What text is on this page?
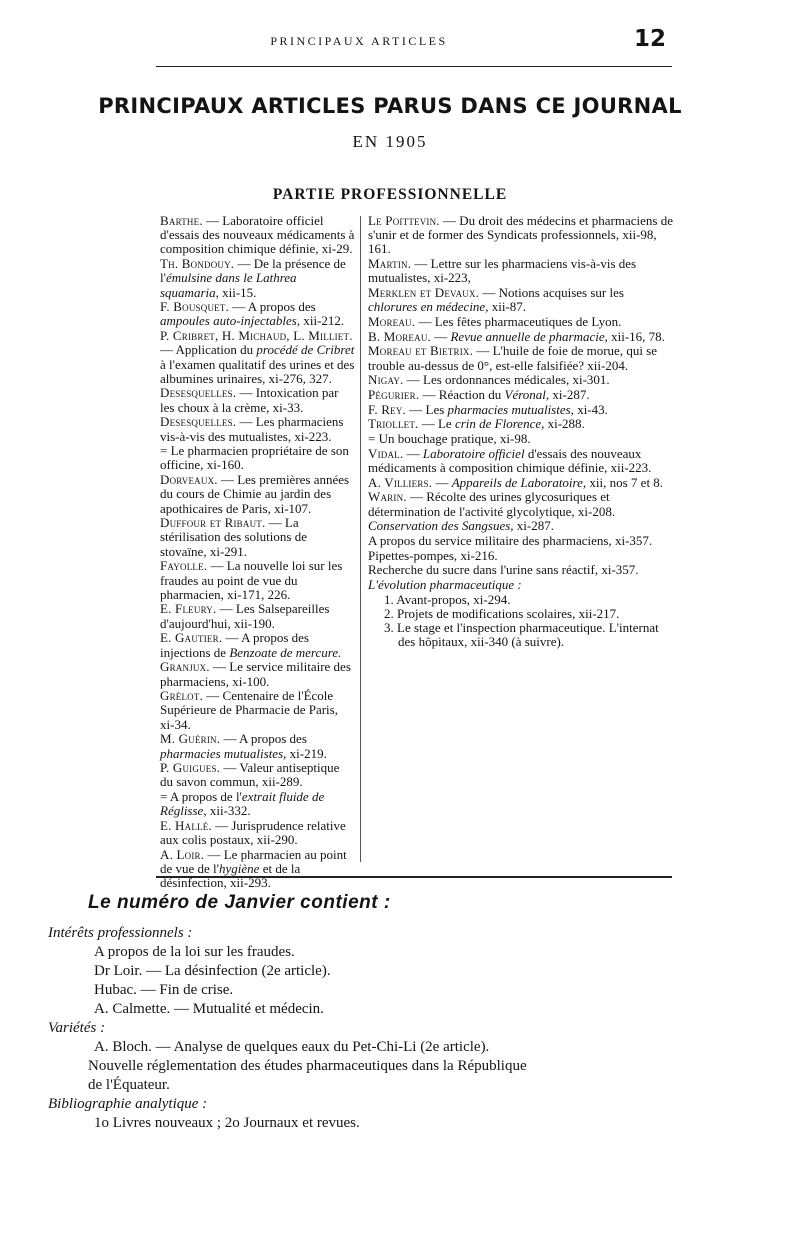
PRINCIPAUX ARTICLES	12
PRINCIPAUX ARTICLES PARUS DANS CE JOURNAL
EN 1905
PARTIE PROFESSIONNELLE
Barthe. — Laboratoire officiel d'essais des nouveaux médicaments à composition chimique définie, xi-29.
Th. Bondouy. — De la présence de l'émulsine dans le Lathrea squamaria, xii-15.
F. Bousquet. — A propos des ampoules auto-injectables, xii-212.
P. Cribret, H. Michaud, L. Milliet. — Application du procédé de Cribret à l'examen qualitatif des urines et des albumines urinaires, xi-276, 327.
Desesquelles. — Intoxication par les choux à la crème, xi-33.
Desesquelles. — Les pharmaciens vis-à-vis des mutualistes, xi-223.
= Le pharmacien propriétaire de son officine, xi-160.
Dorveaux. — Les premières années du cours de Chimie au jardin des apothicaires de Paris, xi-107.
Duffour et Ribaut. — La stérilisation des solutions de stovaïne, xi-291.
Fayolle. — La nouvelle loi sur les fraudes au point de vue du pharmacien, xi-171, 226.
E. Fleury. — Les Salsepareilles d'aujourd'hui, xii-190.
E. Gautier. — A propos des injections de Benzoate de mercure.
Granjux. — Le service militaire des pharmaciens, xi-100.
Grélot. — Centenaire de l'École Supérieure de Pharmacie de Paris, xi-34.
M. Guérin. — A propos des pharmacies mutualistes, xi-219.
P. Guigues. — Valeur antiseptique du savon commun, xii-289.
= A propos de l'extrait fluide de Réglisse, xii-332.
E. Hallé. — Jurisprudence relative aux colis postaux, xii-290.
A. Loir. — Le pharmacien au point de vue de l'hygiène et de la désinfection, xii-293.
Le Poittevin. — Du droit des médecins et pharmaciens de s'unir et de former des Syndicats professionnels, xii-98, 161.
Martin. — Lettre sur les pharmaciens vis-à-vis des mutualistes, xi-223,
Merklen et Devaux. — Notions acquises sur les chlorures en médecine, xii-87.
Moreau. — Les fêtes pharmaceutiques de Lyon.
B. Moreau. — Revue annuelle de pharmacie, xii-16, 78.
Moreau et Bietrix. — L'huile de foie de morue, qui se trouble au-dessus de 0°, est-elle falsifiée? xii-204.
Nigay. — Les ordonnances médicales, xi-301.
Pégurier. — Réaction du Véronal, xi-287.
F. Rey. — Les pharmacies mutualistes, xi-43.
Triollet. — Le crin de Florence, xi-288.
= Un bouchage pratique, xi-98.
Vidal. — Laboratoire officiel d'essais des nouveaux médicaments à composition chimique définie, xii-223.
A. Villiers. — Appareils de Laboratoire, xii, nos 7 et 8.
Warin. — Récolte des urines glycosuriques et détermination de l'activité glycolytique, xi-208.
Conservation des Sangsues, xi-287.
A propos du service militaire des pharmaciens, xi-357.
Pipettes-pompes, xi-216.
Recherche du sucre dans l'urine sans réactif, xi-357.
L'évolution pharmaceutique :
1. Avant-propos, xi-294.
2. Projets de modifications scolaires, xii-217.
3. Le stage et l'inspection pharmaceutique. L'internat des hôpitaux, xii-340 (à suivre).
Le numéro de Janvier contient :
Intérêts professionnels :
A propos de la loi sur les fraudes.
Dr Loir. — La désinfection (2e article).
Hubac. — Fin de crise.
A. Calmette. — Mutualité et médecin.
Variétés :
A. Bloch. — Analyse de quelques eaux du Pet-Chi-Li (2e article).
Nouvelle réglementation des études pharmaceutiques dans la République
de l'Équateur.
Bibliographie analytique :
1o Livres nouveaux ; 2o Journaux et revues.
